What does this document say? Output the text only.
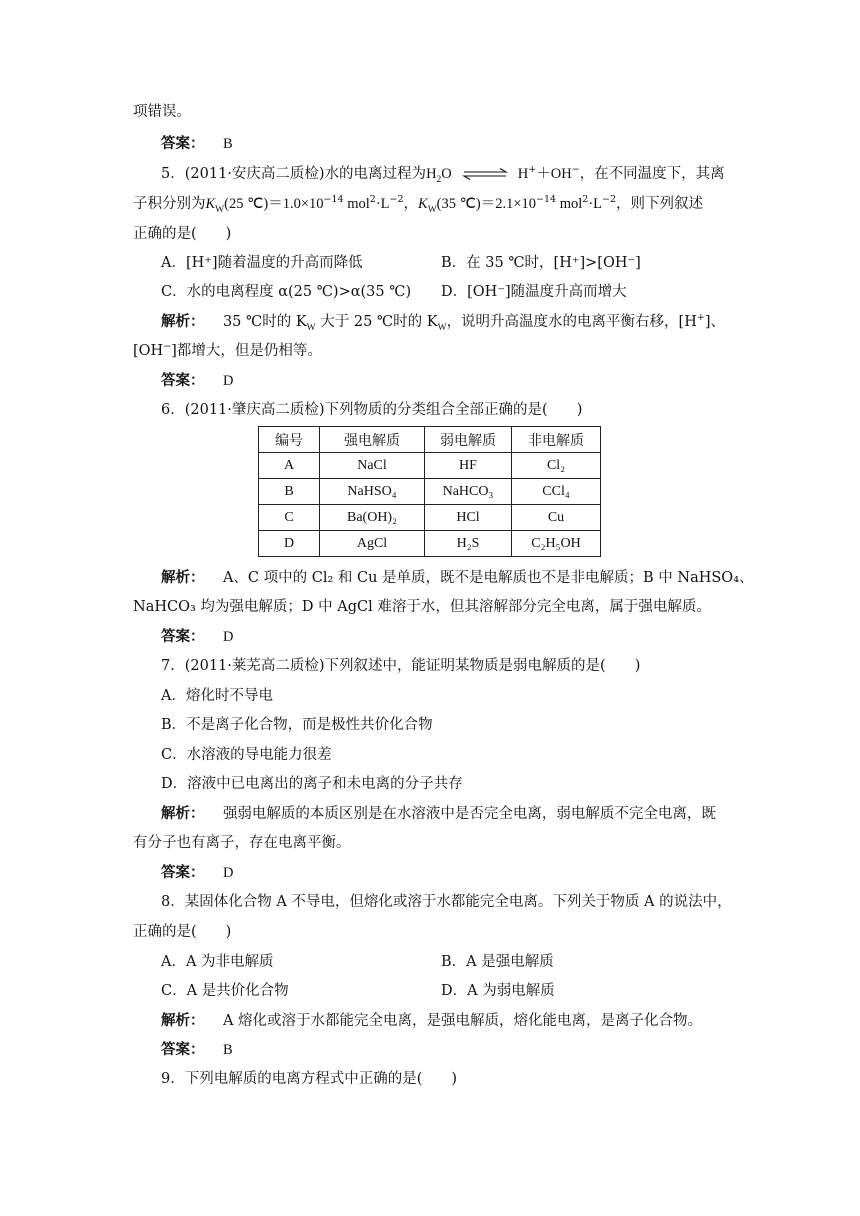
项错误。
答案： B
5．(2011·安庆高二质检)水的电离过程为$H_2O$ ⇌ H+＋OH−，在不同温度下，其离
子积分别为$K_W(25$ $℃)=1.0\times 10^{-14}$ $mol^2\cdot L^{-2}$，$K_W(35$ $℃)=2.1\times 10^{-14}$ $mol^2\cdot L^{-2}$，则下列叙述
正确的是(　　)
A．[H⁺]随着温度的升高而降低	B．在 35 ℃时，[H⁺]>[OH⁻]
C．水的电离程度 α(25 ℃)>α(35 ℃) D．[OH⁻]随温度升高而增大
解析： 35 ℃时的 $K_W$ 大于 25 ℃时的 $K_W$，说明升高温度水的电离平衡右移，[H+]、
[OH−]都增大，但是仍相等。
答案： D
6．(2011·肇庆高二质检)下列物质的分类组合全部正确的是(　　)
编号	强电解质	弱电解质	非电解质
A	NaCl	HF	Cl₂
B	NaHSO₄	NaHCO₃	CCl₄
C	Ba(OH)₂	HCl	Cu
D	AgCl	H₂S	C₂H₅OH
解析： A、C 项中的 Cl₂ 和 Cu 是单质，既不是电解质也不是非电解质；B 中 NaHSO₄、
NaHCO₃ 均为强电解质；D 中 AgCl 难溶于水，但其溶解部分完全电离，属于强电解质。
答案： D
7．(2011·莱芜高二质检)下列叙述中，能证明某物质是弱电解质的是(　　)
A．熔化时不导电
B．不是离子化合物，而是极性共价化合物
C．水溶液的导电能力很差
D．溶液中已电离出的离子和未电离的分子共存
解析： 强弱电解质的本质区别是在水溶液中是否完全电离，弱电解质不完全电离，既
有分子也有离子，存在电离平衡。
答案： D
8．某固体化合物 A 不导电，但熔化或溶于水都能完全电离。下列关于物质 A 的说法中，
正确的是(　　)
A．A 为非电解质	B．A 是强电解质
C．A 是共价化合物	D．A 为弱电解质
解析： A 熔化或溶于水都能完全电离，是强电解质，熔化能电离，是离子化合物。
答案： B
9．下列电解质的电离方程式中正确的是(　　)
